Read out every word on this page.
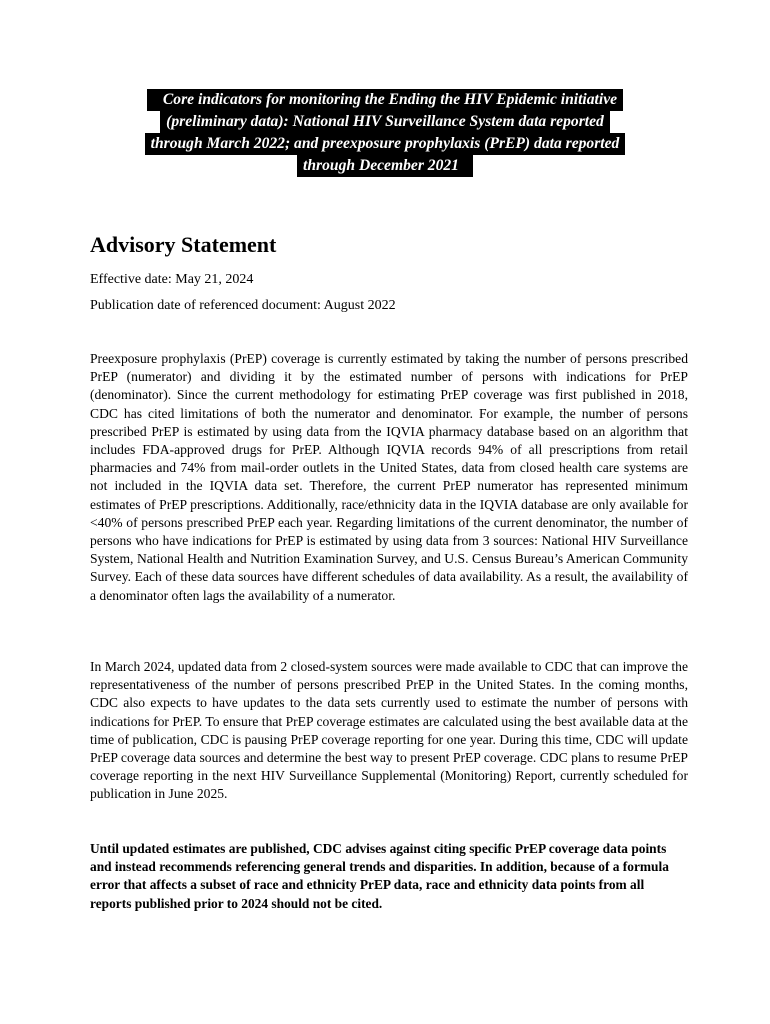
Core indicators for monitoring the Ending the HIV Epidemic initiative
(preliminary data): National HIV Surveillance System data reported
through March 2022; and preexposure prophylaxis (PrEP) data reported
through December 2021
Advisory Statement

Effective date: May 21, 2024

Publication date of referenced document: August 2022

Preexposure prophylaxis (PrEP) coverage is currently estimated by taking the number of persons prescribed PrEP (numerator) and dividing it by the estimated number of persons with indications for PrEP (denominator). Since the current methodology for estimating PrEP coverage was first published in 2018, CDC has cited limitations of both the numerator and denominator. For example, the number of persons prescribed PrEP is estimated by using data from the IQVIA pharmacy database based on an algorithm that includes FDA-approved drugs for PrEP. Although IQVIA records 94% of all prescriptions from retail pharmacies and 74% from mail-order outlets in the United States, data from closed health care systems are not included in the IQVIA data set. Therefore, the current PrEP numerator has represented minimum estimates of PrEP prescriptions. Additionally, race/ethnicity data in the IQVIA database are only available for <40% of persons prescribed PrEP each year. Regarding limitations of the current denominator, the number of persons who have indications for PrEP is estimated by using data from 3 sources: National HIV Surveillance System, National Health and Nutrition Examination Survey, and U.S. Census Bureau’s American Community Survey. Each of these data sources have different schedules of data availability. As a result, the availability of a denominator often lags the availability of a numerator.

In March 2024, updated data from 2 closed-system sources were made available to CDC that can improve the representativeness of the number of persons prescribed PrEP in the United States. In the coming months, CDC also expects to have updates to the data sets currently used to estimate the number of persons with indications for PrEP. To ensure that PrEP coverage estimates are calculated using the best available data at the time of publication, CDC is pausing PrEP coverage reporting for one year. During this time, CDC will update PrEP coverage data sources and determine the best way to present PrEP coverage. CDC plans to resume PrEP coverage reporting in the next HIV Surveillance Supplemental (Monitoring) Report, currently scheduled for publication in June 2025.

Until updated estimates are published, CDC advises against citing specific PrEP coverage data points and instead recommends referencing general trends and disparities. In addition, because of a formula error that affects a subset of race and ethnicity PrEP data, race and ethnicity data points from all reports published prior to 2024 should not be cited.
